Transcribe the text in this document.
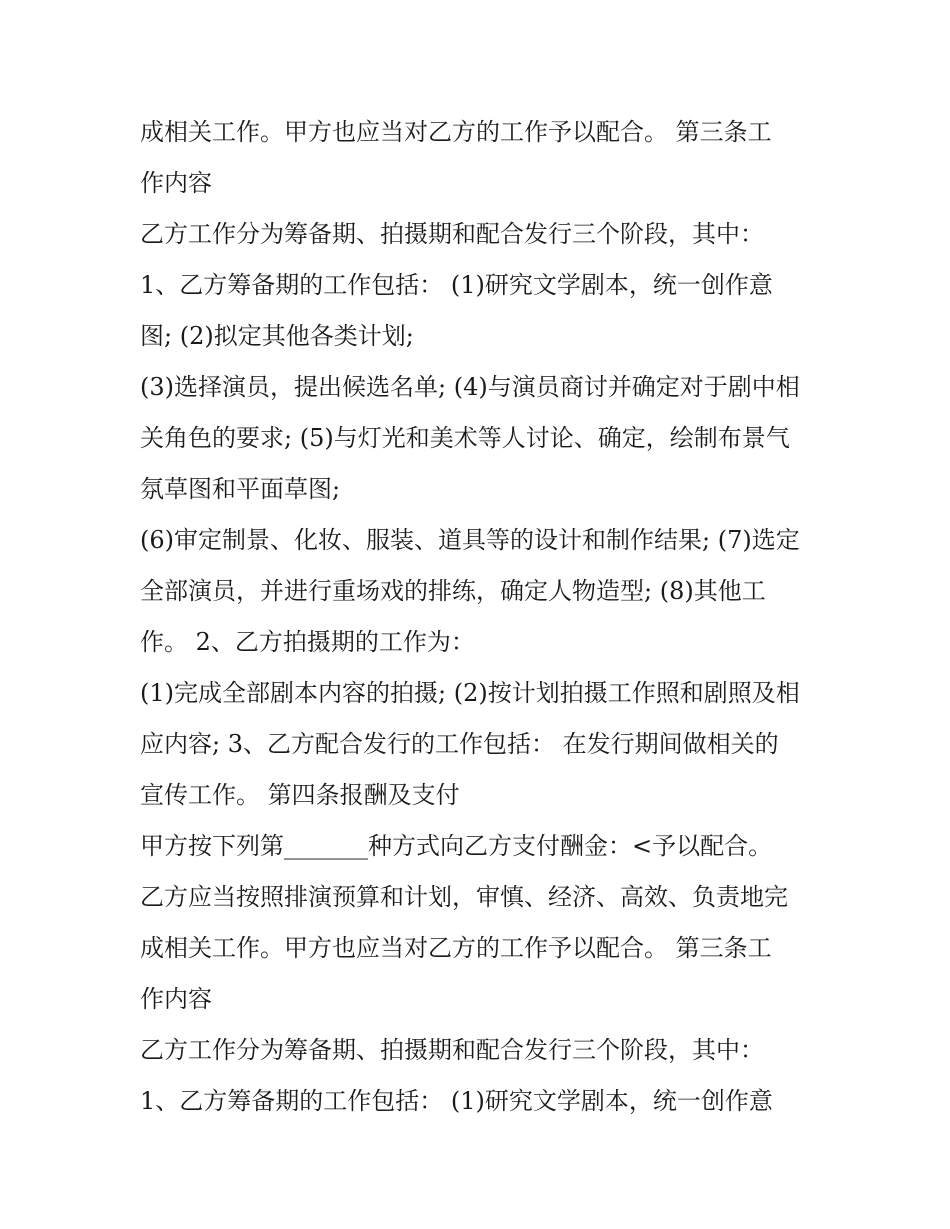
成相关工作。甲方也应当对乙方的工作予以配合。 第三条工
作内容
乙方工作分为筹备期、拍摄期和配合发行三个阶段，其中：
1、乙方筹备期的工作包括： (1)研究文学剧本，统一创作意
图; (2)拟定其他各类计划;
(3)选择演员，提出候选名单; (4)与演员商讨并确定对于剧中相
关角色的要求; (5)与灯光和美术等人讨论、确定，绘制布景气
氛草图和平面草图;
(6)审定制景、化妆、服装、道具等的设计和制作结果; (7)选定
全部演员，并进行重场戏的排练，确定人物造型; (8)其他工
作。 2、乙方拍摄期的工作为：
(1)完成全部剧本内容的拍摄; (2)按计划拍摄工作照和剧照及相
应内容; 3、乙方配合发行的工作包括： 在发行期间做相关的
宣传工作。 第四条报酬及支付
甲方按下列第_______种方式向乙方支付酬金：<予以配合。
乙方应当按照排演预算和计划，审慎、经济、高效、负责地完
成相关工作。甲方也应当对乙方的工作予以配合。 第三条工
作内容
乙方工作分为筹备期、拍摄期和配合发行三个阶段，其中：
1、乙方筹备期的工作包括： (1)研究文学剧本，统一创作意
